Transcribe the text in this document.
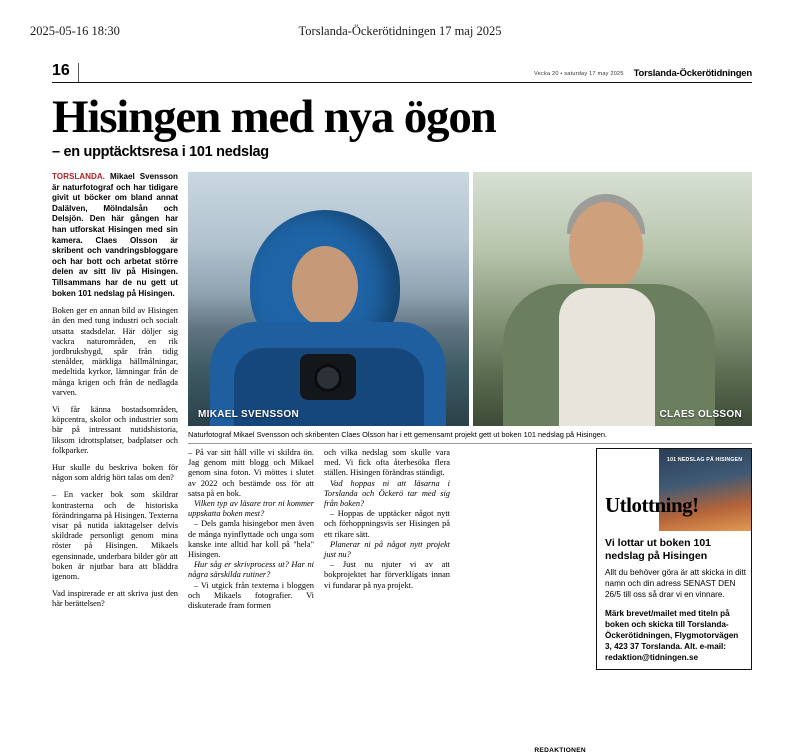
2025-05-16 18:30	Torslanda-Öckerötidningen 17 maj 2025
16	Vecka 20 • saturday 17 may 2025 Torslanda-Öckerötidningen
Hisingen med nya ögon
– en upptäcktsresa i 101 nedslag

TORSLANDA. Mikael Svensson är naturfotograf och har tidigare givit ut böcker om bland annat Dalälven, Mölndalsån och Delsjön. Den här gången har han utforskat Hisingen med sin kamera. Claes Olsson är skribent och vandringsbloggare och har bott och arbetat större delen av sitt liv på Hisingen. Tillsammans har de nu gett ut boken 101 nedslag på Hisingen.

Boken ger en annan bild av Hisingen än den med tung industri och socialt utsatta stadsdelar. Här döljer sig vackra naturområden, en rik jordbruksbygd, spår från tidig stenålder, märkliga hällmålningar, medeltida kyrkor, lämningar från de många krigen och från de nedlagda varven.

Vi får känna bostadsområden, köpcentra, skolor och industrier som bär på intressant nutidshistoria, liksom idrottsplatser, badplatser och folkparker.

Hur skulle du beskriva boken för någon som aldrig hört talas om den?

– En vacker bok som skildrar kontrasterna och de historiska förändringarna på Hisingen. Texterna visar på nutida iakttagelser delvis skildrade personligt genom mina röster på Hisingen. Mikaels egensinnade, underbara bilder gör att boken är njutbar bara att bläddra igenom.

Vad inspirerade er att skriva just den här berättelsen?

MIKAEL SVENSSON	CLAES OLSSON
Naturfotograf Mikael Svensson och skribenten Claes Olsson har i ett gemensamt projekt gett ut boken 101 nedslag på Hisingen.

– På var sitt håll ville vi skildra ön. Jag genom mitt blogg och Mikael genom sina foton. Vi möttes i slutet av 2022 och bestämde oss för att satsa på en bok.

Vilken typ av läsare tror ni kommer uppskatta boken mest?

– Dels gamla hisingebor men även de många nyinflyttade och unga som kanske inte alltid har koll på "hela" Hisingen.

Hur såg er skrivprocess ut? Har ni några särskilda rutiner?

– Vi utgick från texterna i bloggen och Mikaels fotografier. Vi diskuterade fram formen

och vilka nedslag som skulle vara med. Vi fick ofta återbesöka flera ställen. Hisingen förändras ständigt.

Vad hoppas ni att läsarna i Torslanda och Öckerö tar med sig från boken?

– Hoppas de upptäcker något nytt och förhoppningsvis ser Hisingen på ett rikare sätt.

Planerar ni på något nytt projekt just nu?

– Just nu njuter vi av att bokprojektet har förverkligats innan vi fundarar på nya projekt.

REDAKTIONEN
101 NEDSLAG PÅ HISINGEN
Utlottning!
Vi lottar ut boken 101 nedslag på Hisingen

Allt du behöver göra är att skicka in ditt namn och din adress SENAST DEN 26/5 till oss så drar vi en vinnare.

Märk brevet/mailet med titeln på boken och skicka till Torslanda-Öckerötidningen, Flygmotorvägen 3, 423 37 Torslanda. Alt. e-mail: redaktion@tidningen.se
